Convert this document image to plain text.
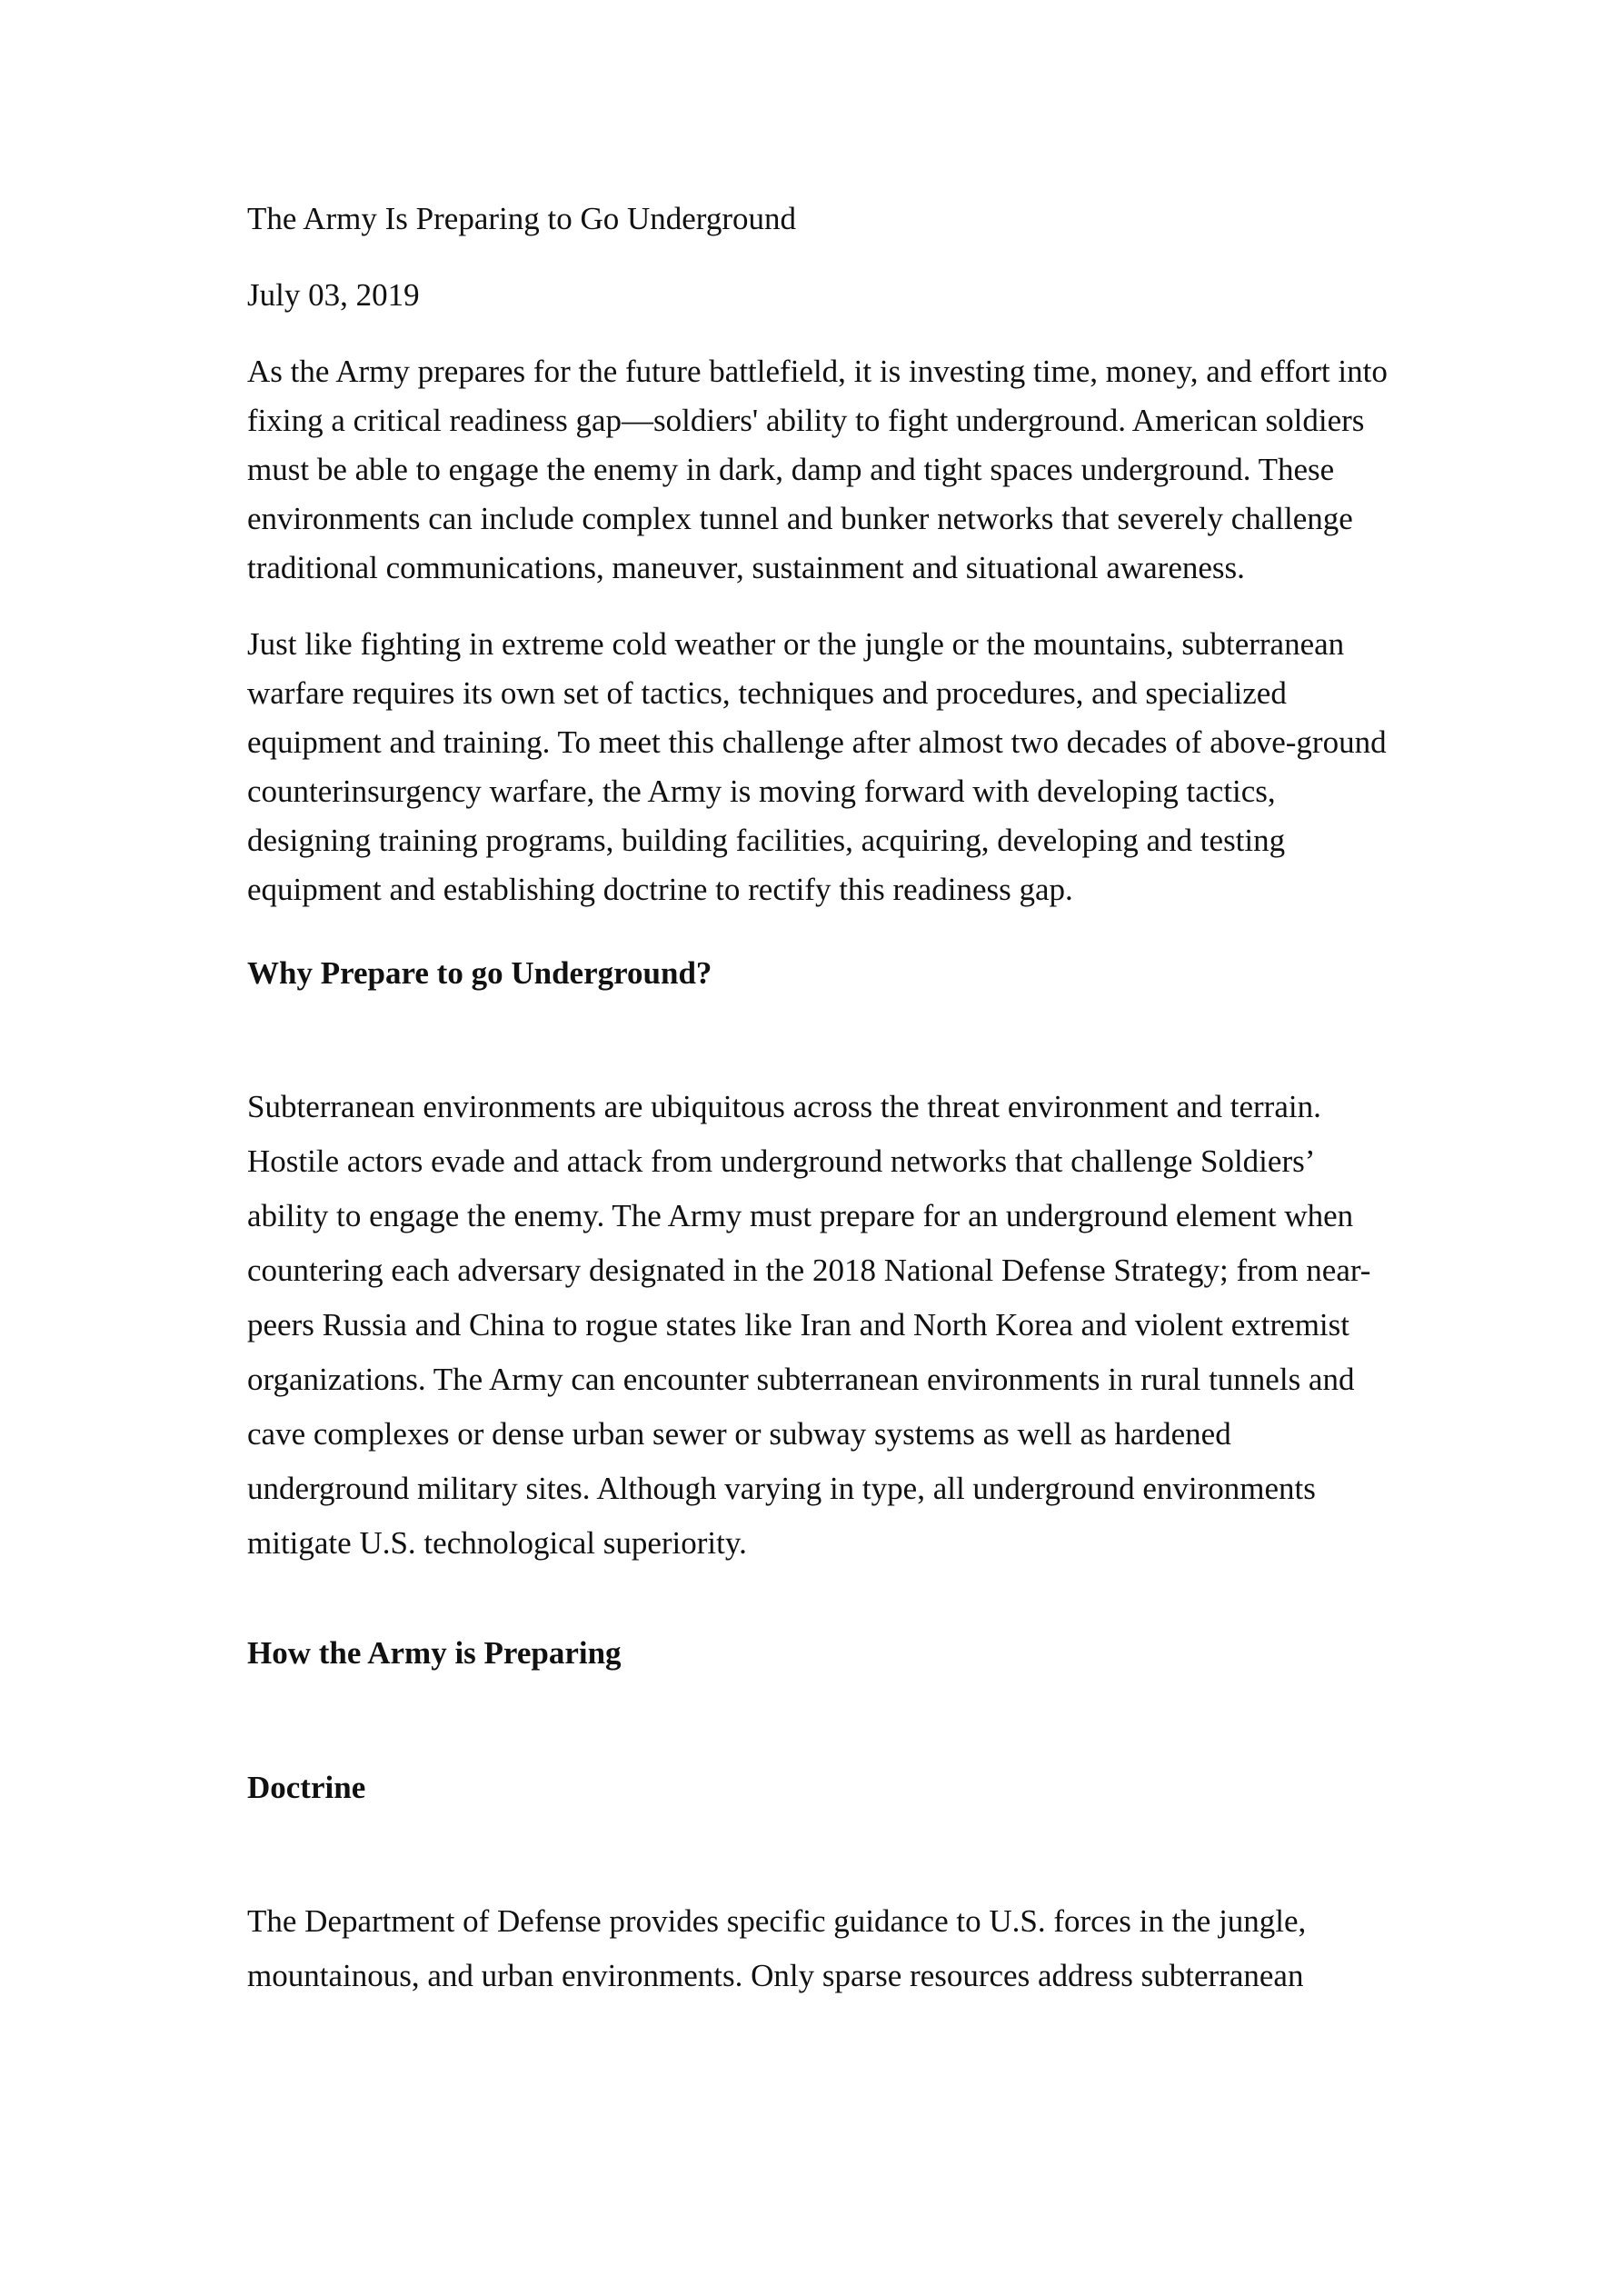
The Army Is Preparing to Go Underground

July 03, 2019

As the Army prepares for the future battlefield, it is investing time, money, and effort into fixing a critical readiness gap—soldiers' ability to fight underground. American soldiers must be able to engage the enemy in dark, damp and tight spaces underground. These environments can include complex tunnel and bunker networks that severely challenge traditional communications, maneuver, sustainment and situational awareness.

Just like fighting in extreme cold weather or the jungle or the mountains, subterranean warfare requires its own set of tactics, techniques and procedures, and specialized equipment and training. To meet this challenge after almost two decades of above-ground counterinsurgency warfare, the Army is moving forward with developing tactics, designing training programs, building facilities, acquiring, developing and testing equipment and establishing doctrine to rectify this readiness gap.

Why Prepare to go Underground?

Subterranean environments are ubiquitous across the threat environment and terrain. Hostile actors evade and attack from underground networks that challenge Soldiers’ ability to engage the enemy. The Army must prepare for an underground element when countering each adversary designated in the 2018 National Defense Strategy; from near-peers Russia and China to rogue states like Iran and North Korea and violent extremist organizations. The Army can encounter subterranean environments in rural tunnels and cave complexes or dense urban sewer or subway systems as well as hardened underground military sites. Although varying in type, all underground environments mitigate U.S. technological superiority.

How the Army is Preparing
Doctrine

The Department of Defense provides specific guidance to U.S. forces in the jungle, mountainous, and urban environments. Only sparse resources address subterranean
